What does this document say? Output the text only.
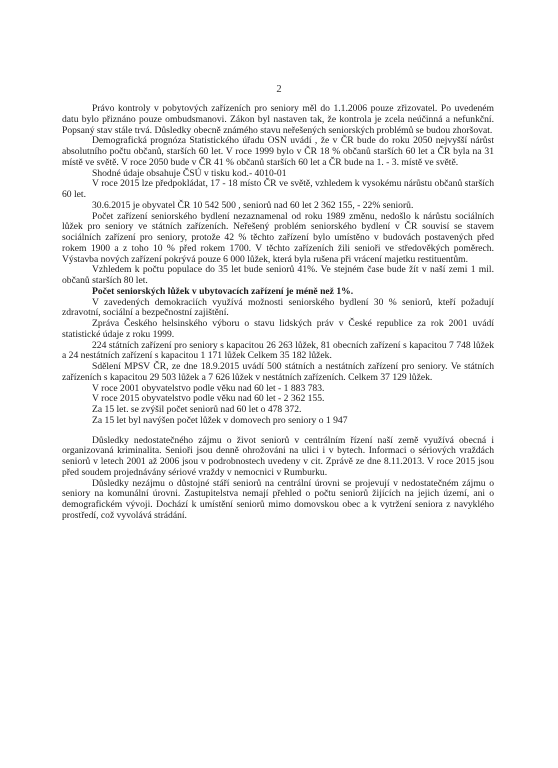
2

Právo kontroly v pobytových zařízeních pro seniory měl do 1.1.2006 pouze zřizovatel. Po uvedeném datu bylo přiznáno pouze ombudsmanovi. Zákon byl nastaven tak, že kontrola je zcela neúčinná a nefunkční. Popsaný stav stále trvá. Důsledky obecně známého stavu neřešených seniorských problémů se budou zhoršovat.

Demografická prognóza Statistického úřadu OSN uvádí , že v ČR bude do roku 2050 nejvyšší nárůst absolutního počtu občanů, starších 60 let. V roce 1999 bylo v ČR 18 % občanů starších 60 let a ČR byla na 31 místě ve světě. V roce 2050 bude v ČR 41 % občanů starších 60 let a ČR bude na 1. - 3. místě ve světě.

Shodné údaje obsahuje ČSÚ v tisku kod.- 4010-01

V roce 2015 lze předpokládat, 17 - 18 místo ČR ve světě, vzhledem k vysokému nárůstu občanů starších 60 let.

30.6.2015 je obyvatel ČR 10 542 500 , seniorů nad 60 let 2 362 155, - 22% seniorů.

Počet zařízení seniorského bydlení nezaznamenal od roku 1989 změnu, nedošlo k nárůstu sociálních lůžek pro seniory ve státních zařízeních. Neřešený problém seniorského bydlení v ČR souvisí se stavem sociálních zařízení pro seniory, protože 42 % těchto zařízení bylo umístěno v budovách postavených před rokem 1900 a z toho 10 % před rokem 1700. V těchto zařízeních žili senioři ve středověkých poměrech. Výstavba nových zařízení pokrývá pouze 6 000 lůžek, která byla rušena při vrácení majetku restituentům.

Vzhledem k počtu populace do 35 let bude seniorů 41%. Ve stejném čase bude žít v naší zemi 1 mil. občanů starších 80 let.

Počet seniorských lůžek v ubytovacích zařízení je méně než 1%.

V zavedených demokraciích využívá možnosti seniorského bydlení 30 % seniorů, kteří požadují zdravotní, sociální a bezpečnostní zajištění.

Zpráva Českého helsinského výboru o stavu lidských práv v České republice za rok 2001 uvádí statistické údaje z roku 1999.

224 státních zařízení pro seniory s kapacitou 26 263 lůžek, 81 obecních zařízení s kapacitou 7 748 lůžek a 24 nestátních zařízení s kapacitou 1 171 lůžek Celkem 35 182 lůžek.

Sdělení MPSV ČR, ze dne 18.9.2015 uvádí 500 státních a nestátních zařízení pro seniory. Ve státních zařízeních s kapacitou 29 503 lůžek a 7 626 lůžek v nestátních zařízeních. Celkem 37 129 lůžek.

V roce 2001 obyvatelstvo podle věku nad 60 let - 1 883 783.

V roce 2015 obyvatelstvo podle věku nad 60 let - 2 362 155.

Za 15 let. se zvýšil počet seniorů nad 60 let o 478 372.

Za 15 let byl navýšen počet lůžek v domovech pro seniory o 1 947

Důsledky nedostatečného zájmu o život seniorů v centrálním řízení naší země využívá obecná i organizovaná kriminalita. Senioři jsou denně ohrožováni na ulici i v bytech. Informaci o sériových vraždách seniorů v letech 2001 až 2006 jsou v podrobnostech uvedeny v cit. Zprávě ze dne 8.11.2013. V roce 2015 jsou před soudem projednávány sériové vraždy v nemocnici v Rumburku.

Důsledky nezájmu o důstojné stáří seniorů na centrální úrovni se projevují v nedostatečném zájmu o seniory na komunální úrovni. Zastupitelstva nemají přehled o počtu seniorů žijících na jejich území, ani o demografickém vývoji. Dochází k umístění seniorů mimo domovskou obec a k vytržení seniora z navyklého prostředí, což vyvolává strádání.
